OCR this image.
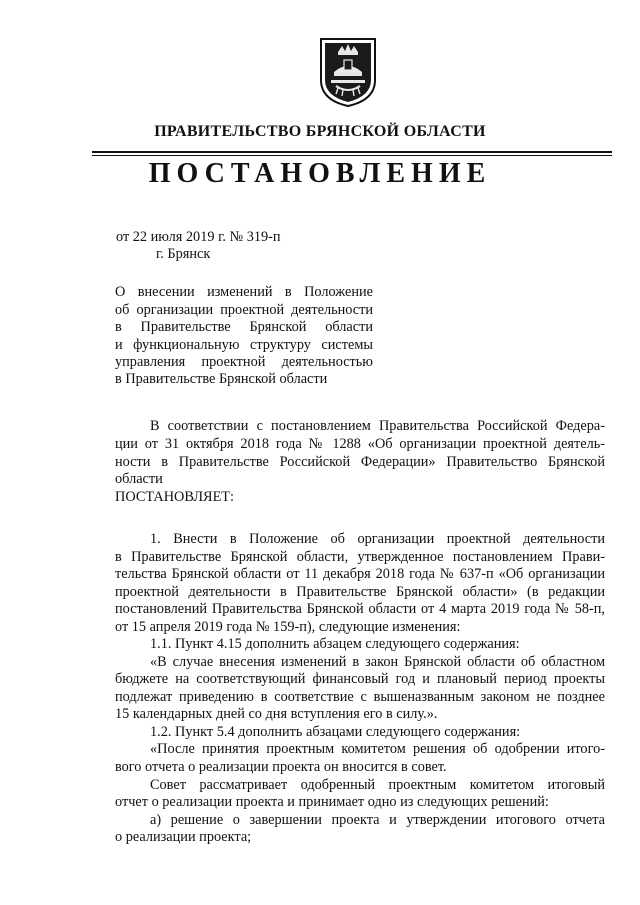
ПРАВИТЕЛЬСТВО БРЯНСКОЙ ОБЛАСТИ
ПОСТАНОВЛЕНИЕ
от 22 июля 2019 г. № 319-п
г. Брянск
О внесении изменений в Положение
об организации проектной деятельности
в Правительстве Брянской области
и функциональную структуру системы
управления проектной деятельностью
в Правительстве Брянской области
В соответствии с постановлением Правительства Российской Федера-
ции от 31 октября 2018 года № 1288 «Об организации проектной деятель-
ности в Правительстве Российской Федерации» Правительство Брянской
области
ПОСТАНОВЛЯЕТ:
1. Внести в Положение об организации проектной деятельности
в Правительстве Брянской области, утвержденное постановлением Прави-
тельства Брянской области от 11 декабря 2018 года № 637-п «Об организации
проектной деятельности в Правительстве Брянской области» (в редакции
постановлений Правительства Брянской области от 4 марта 2019 года № 58-п,
от 15 апреля 2019 года № 159-п), следующие изменения:
1.1. Пункт 4.15 дополнить абзацем следующего содержания:
«В случае внесения изменений в закон Брянской области об областном
бюджете на соответствующий финансовый год и плановый период проекты
подлежат приведению в соответствие с вышеназванным законом не позднее
15 календарных дней со дня вступления его в силу.».
1.2. Пункт 5.4 дополнить абзацами следующего содержания:
«После принятия проектным комитетом решения об одобрении итого-
вого отчета о реализации проекта он вносится в совет.
Совет рассматривает одобренный проектным комитетом итоговый
отчет о реализации проекта и принимает одно из следующих решений:
а) решение о завершении проекта и утверждении итогового отчета
о реализации проекта;
